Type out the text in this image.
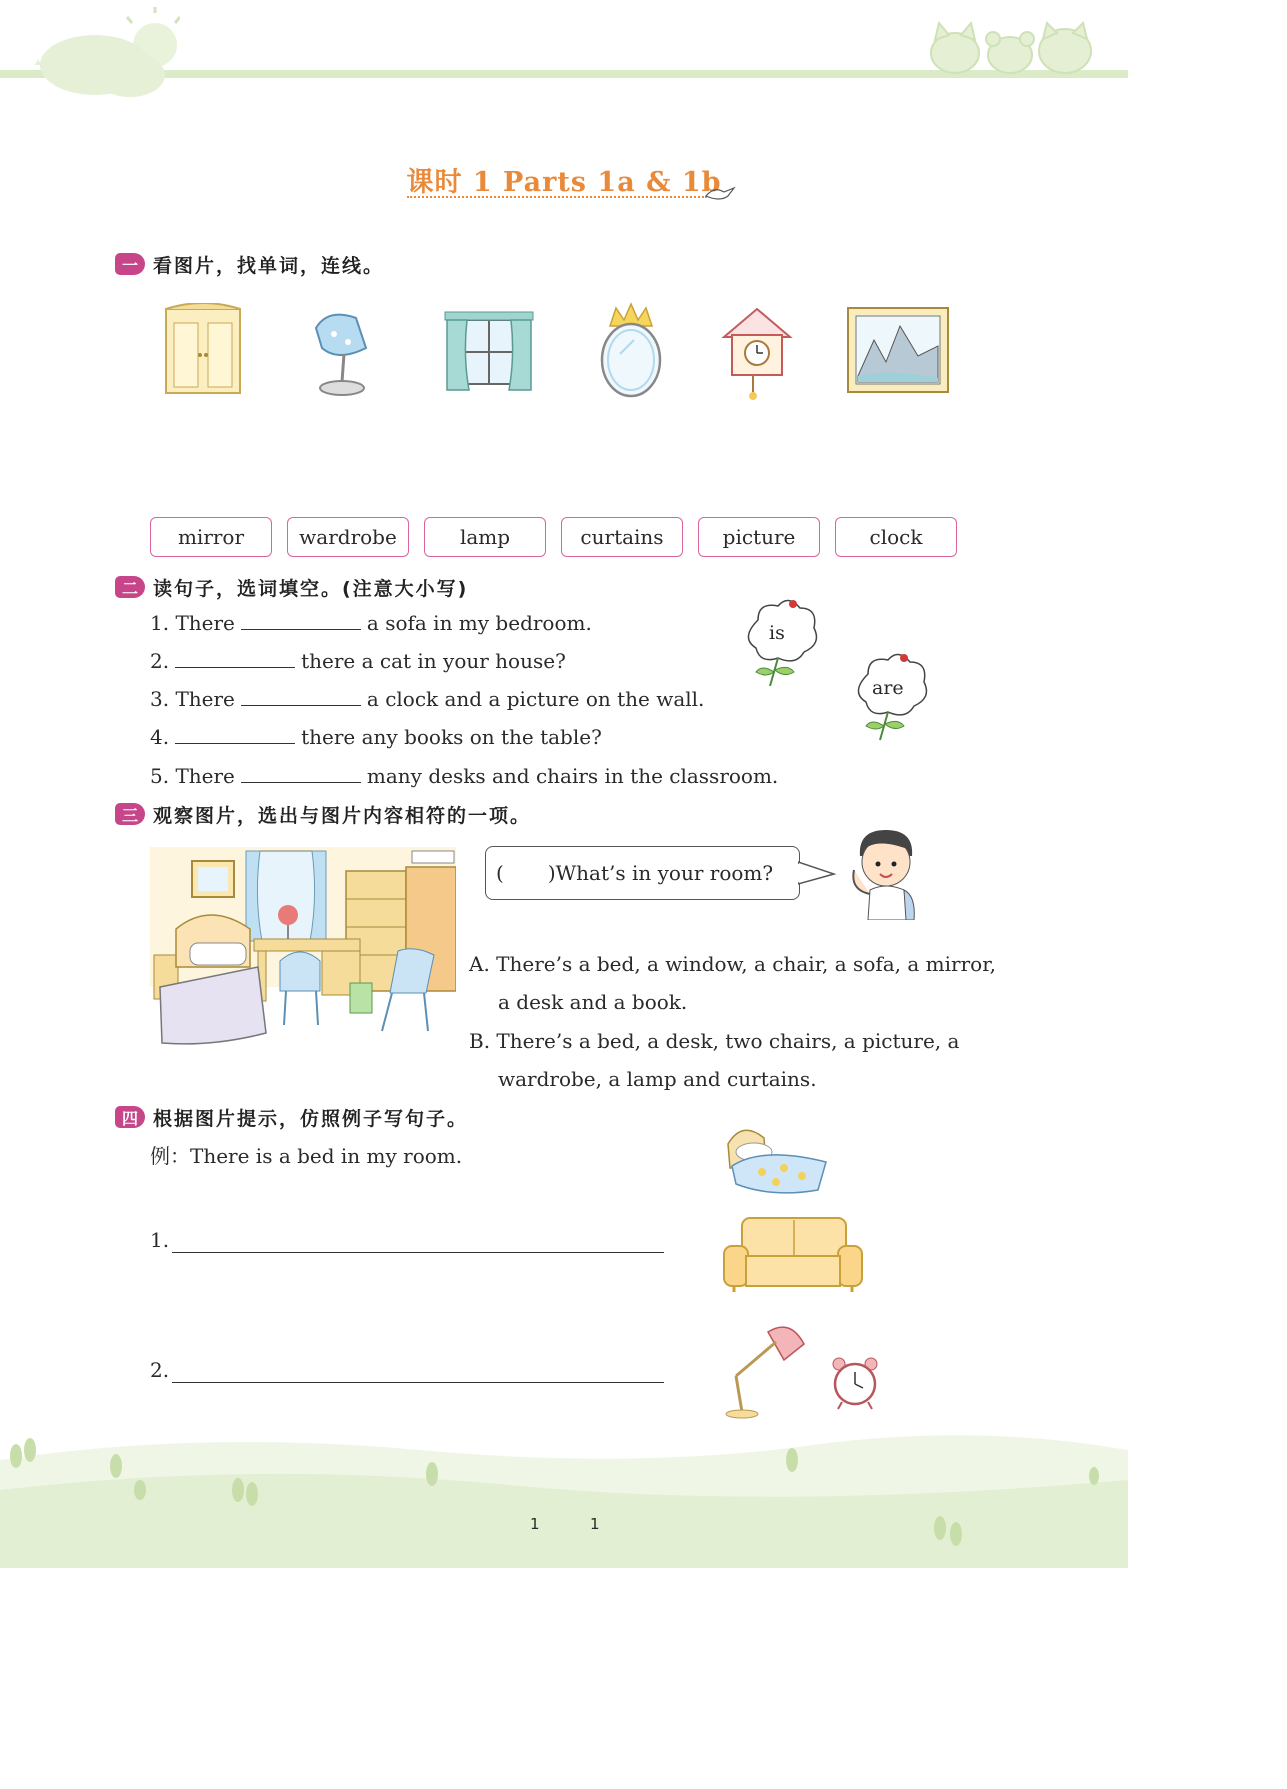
课时 1 Parts 1a & 1b
一 看图片，找单词，连线。
mirror	wardrobe	lamp	curtains	picture	clock
二 读句子，选词填空。(注意大小写)
1. There	a sofa in my bedroom.
2.	there a cat in your house?
3. There	a clock and a picture on the wall.
4.	there any books on the table?
5. There	many desks and chairs in the classroom.
is
are
三 观察图片，选出与图片内容相符的一项。
( )What’s in your room?
A. There’s a bed, a window, a chair, a sofa, a mirror,
a desk and a book.
B. There’s a bed, a desk, two chairs, a picture, a
wardrobe, a lamp and curtains.
四 根据图片提示，仿照例子写句子。
例：There is a bed in my room.
1.
2.
1	1
